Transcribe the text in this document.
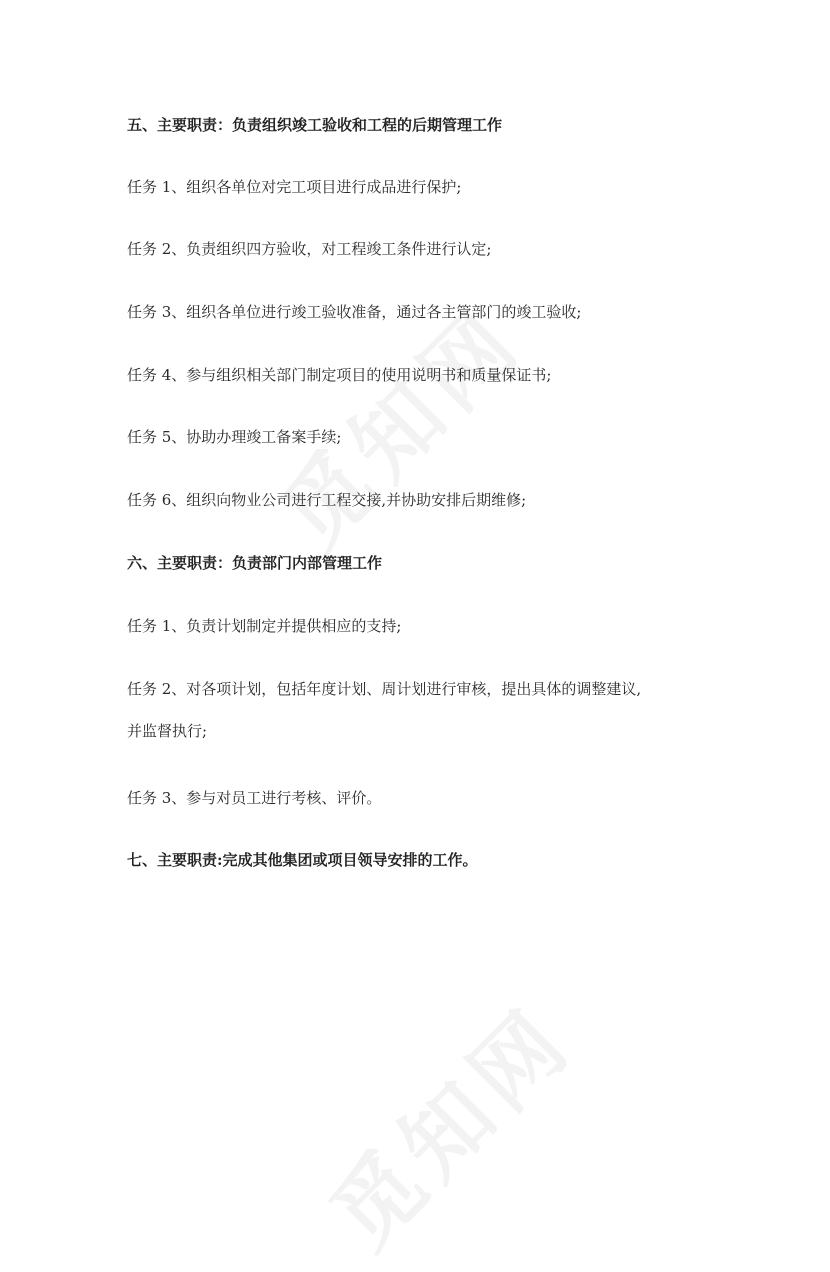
五、主要职责：负责组织竣工验收和工程的后期管理工作
任务 1、组织各单位对完工项目进行成品进行保护;
任务 2、负责组织四方验收，对工程竣工条件进行认定;
任务 3、组织各单位进行竣工验收准备，通过各主管部门的竣工验收;
任务 4、参与组织相关部门制定项目的使用说明书和质量保证书;
任务 5、协助办理竣工备案手续;
任务 6、组织向物业公司进行工程交接,并协助安排后期维修;
六、主要职责：负责部门内部管理工作
任务 1、负责计划制定并提供相应的支持;
任务 2、对各项计划，包括年度计划、周计划进行审核，提出具体的调整建议,
并监督执行;
任务 3、参与对员工进行考核、评价。
七、主要职责:完成其他集团或项目领导安排的工作。
